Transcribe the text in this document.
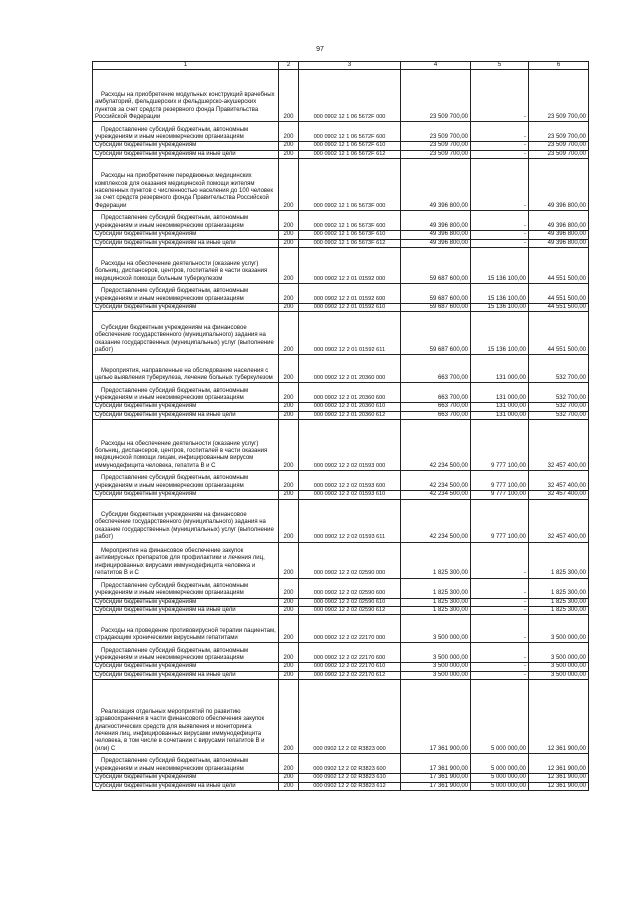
97
1	2	3	4	5	6
Расходы на приобретение модульных конструкций врачебных амбулаторий, фельдшерских и фельдшерско-акушерских пунктов за счет средств резервного фонда Правительства Российской Федерации	200	000 0902 12 1 06 5672F 000	23 509 700,00	-	23 509 700,00
Предоставление субсидий бюджетным, автономным учреждениям и иным некоммерческим организациям	200	000 0902 12 1 06 5672F 600	23 509 700,00	-	23 509 700,00
Субсидии бюджетным учреждениям	200	000 0902 12 1 06 5672F 610	23 509 700,00	-	23 509 700,00
Субсидии бюджетным учреждениям на иные цели	200	000 0902 12 1 06 5672F 612	23 509 700,00	-	23 509 700,00
Расходы на приобретение передвижных медицинских комплексов для оказания медицинской помощи жителям населенных пунктов с численностью населения до 100 человек за счет средств резервного фонда Правительства Российской Федерации	200	000 0902 12 1 06 5673F 000	49 396 800,00	-	49 396 800,00
Предоставление субсидий бюджетным, автономным учреждениям и иным некоммерческим организациям	200	000 0902 12 1 06 5673F 600	49 396 800,00	-	49 396 800,00
Субсидии бюджетным учреждениям	200	000 0902 12 1 06 5673F 610	49 396 800,00	-	49 396 800,00
Субсидии бюджетным учреждениям на иные цели	200	000 0902 12 1 06 5673F 612	49 396 800,00	-	49 396 800,00
Расходы на обеспечение деятельности (оказание услуг) больниц, диспансеров, центров, госпиталей в части оказания медицинской помощи больным туберкулезом	200	000 0902 12 2 01 01592 000	59 687 600,00	15 136 100,00	44 551 500,00
Предоставление субсидий бюджетным, автономным учреждениям и иным некоммерческим организациям	200	000 0902 12 2 01 01592 600	59 687 600,00	15 136 100,00	44 551 500,00
Субсидии бюджетным учреждениям	200	000 0902 12 2 01 01592 610	59 687 600,00	15 136 100,00	44 551 500,00
Субсидии бюджетным учреждениям на финансовое обеспечение государственного (муниципального) задания на оказание государственных (муниципальных) услуг (выполнение работ)	200	000 0902 12 2 01 01592 611	59 687 600,00	15 136 100,00	44 551 500,00
Мероприятия, направленные на обследование населения с целью выявления туберкулеза, лечение больных туберкулезом	200	000 0902 12 2 01 20360 000	663 700,00	131 000,00	532 700,00
Предоставление субсидий бюджетным, автономным учреждениям и иным некоммерческим организациям	200	000 0902 12 2 01 20360 600	663 700,00	131 000,00	532 700,00
Субсидии бюджетным учреждениям	200	000 0902 12 2 01 20360 610	663 700,00	131 000,00	532 700,00
Субсидии бюджетным учреждениям на иные цели	200	000 0902 12 2 01 20360 612	663 700,00	131 000,00	532 700,00
Расходы на обеспечение деятельности (оказание услуг) больниц, диспансеров, центров, госпиталей в части оказания медицинской помощи лицам, инфицированным вирусом иммунодефицита человека, гепатита В и С	200	000 0902 12 2 02 01593 000	42 234 500,00	9 777 100,00	32 457 400,00
Предоставление субсидий бюджетным, автономным учреждениям и иным некоммерческим организациям	200	000 0902 12 2 02 01593 600	42 234 500,00	9 777 100,00	32 457 400,00
Субсидии бюджетным учреждениям	200	000 0902 12 2 02 01593 610	42 234 500,00	9 777 100,00	32 457 400,00
Субсидии бюджетным учреждениям на финансовое обеспечение государственного (муниципального) задания на оказание государственных (муниципальных) услуг (выполнение работ)	200	000 0902 12 2 02 01593 611	42 234 500,00	9 777 100,00	32 457 400,00
Мероприятия на финансовое обеспечение закупок антивирусных препаратов для профилактики и лечения лиц, инфицированных вирусами иммунодефицита человека и гепатитов В и С	200	000 0902 12 2 02 02590 000	1 825 300,00	-	1 825 300,00
Предоставление субсидий бюджетным, автономным учреждениям и иным некоммерческим организациям	200	000 0902 12 2 02 02590 600	1 825 300,00	-	1 825 300,00
Субсидии бюджетным учреждениям	200	000 0902 12 2 02 02590 610	1 825 300,00	-	1 825 300,00
Субсидии бюджетным учреждениям на иные цели	200	000 0902 12 2 02 02590 612	1 825 300,00	-	1 825 300,00
Расходы на проведение противовирусной терапии пациентам, страдающим хроническими вирусными гепатитами	200	000 0902 12 2 02 22170 000	3 500 000,00	-	3 500 000,00
Предоставление субсидий бюджетным, автономным учреждениям и иным некоммерческим организациям	200	000 0902 12 2 02 22170 600	3 500 000,00	-	3 500 000,00
Субсидии бюджетным учреждениям	200	000 0902 12 2 02 22170 610	3 500 000,00	-	3 500 000,00
Субсидии бюджетным учреждениям на иные цели	200	000 0902 12 2 02 22170 612	3 500 000,00	-	3 500 000,00
Реализация отдельных мероприятий по развитию здравоохранения в части финансового обеспечения закупок диагностических средств для выявления и мониторинга лечения лиц, инфицированных вирусами иммунодефицита человека, в том числе в сочетании с вирусами гепатитов В и (или) С	200	000 0902 12 2 02 R3823 000	17 361 900,00	5 000 000,00	12 361 900,00
Предоставление субсидий бюджетным, автономным учреждениям и иным некоммерческим организациям	200	000 0902 12 2 02 R3823 600	17 361 900,00	5 000 000,00	12 361 900,00
Субсидии бюджетным учреждениям	200	000 0902 12 2 02 R3823 610	17 361 900,00	5 000 000,00	12 361 900,00
Субсидии бюджетным учреждениям на иные цели	200	000 0902 12 2 02 R3823 612	17 361 900,00	5 000 000,00	12 361 900,00
